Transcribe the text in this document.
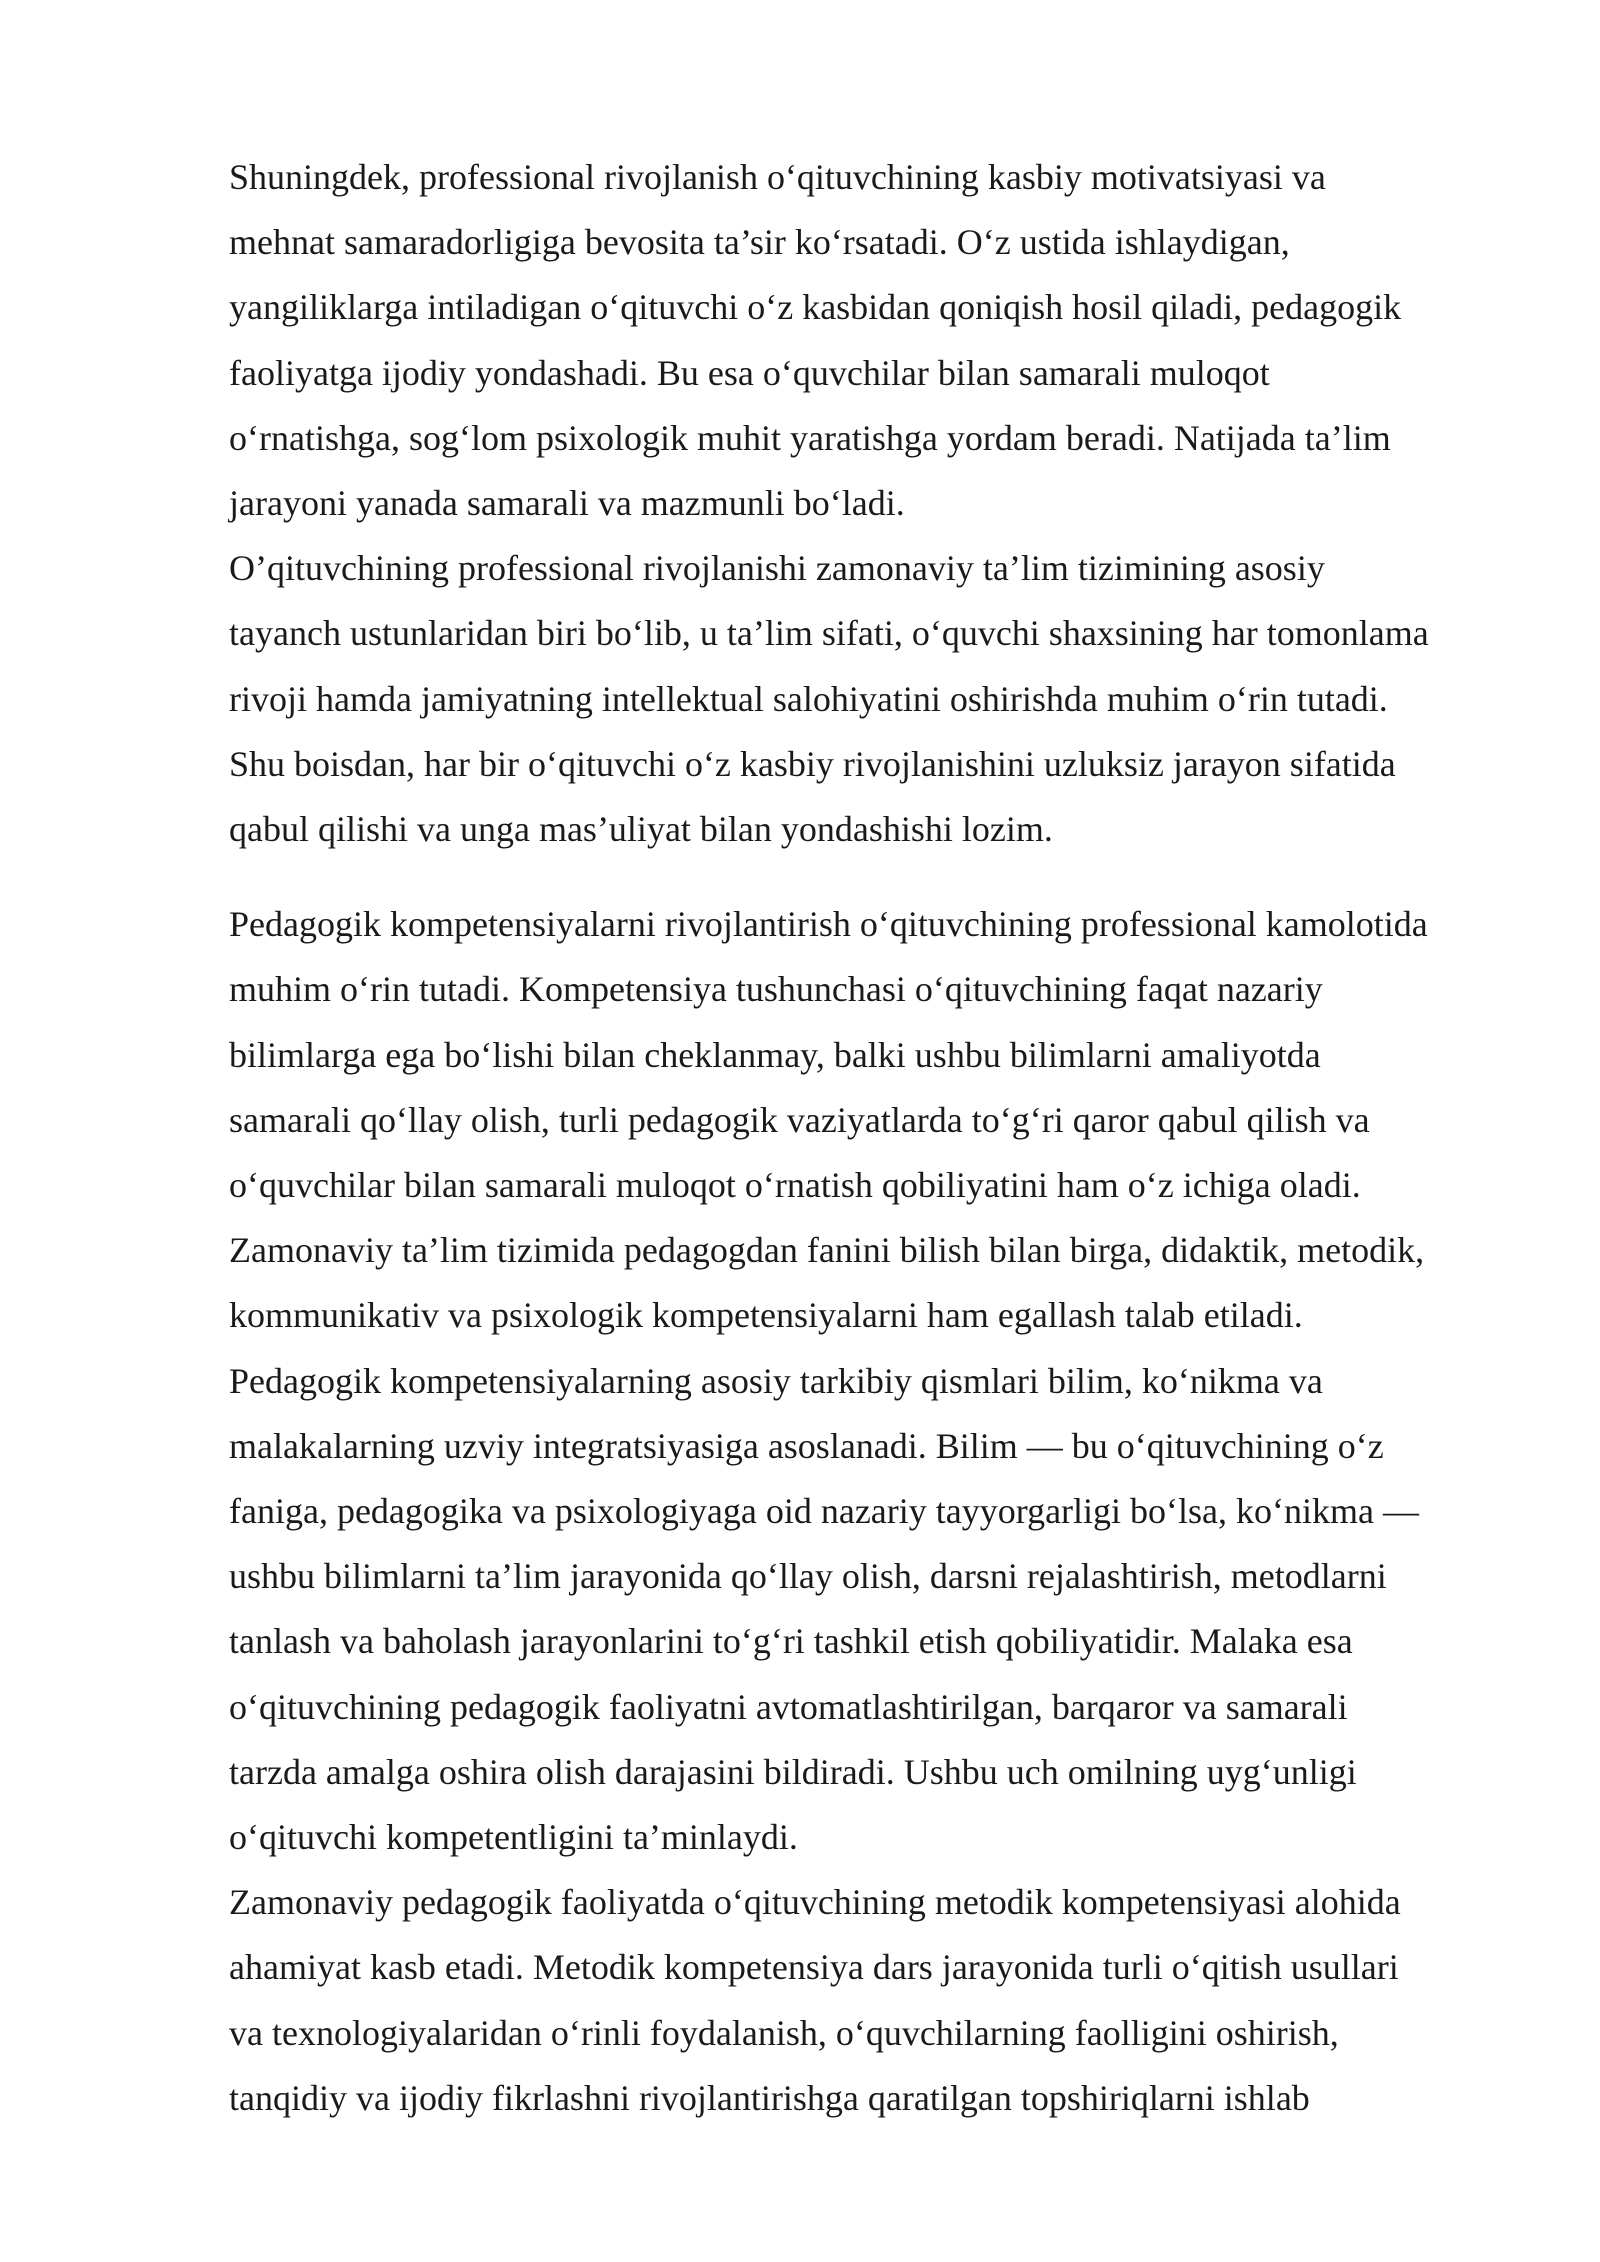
Shuningdek, professional rivojlanish o‘qituvchining kasbiy motivatsiyasi va
mehnat samaradorligiga bevosita ta’sir ko‘rsatadi. O‘z ustida ishlaydigan,
yangiliklarga intiladigan o‘qituvchi o‘z kasbidan qoniqish hosil qiladi, pedagogik
faoliyatga ijodiy yondashadi. Bu esa o‘quvchilar bilan samarali muloqot
o‘rnatishga, sog‘lom psixologik muhit yaratishga yordam beradi. Natijada ta’lim
jarayoni yanada samarali va mazmunli bo‘ladi.

O’qituvchining professional rivojlanishi zamonaviy ta’lim tizimining asosiy
tayanch ustunlaridan biri bo‘lib, u ta’lim sifati, o‘quvchi shaxsining har tomonlama
rivoji hamda jamiyatning intellektual salohiyatini oshirishda muhim o‘rin tutadi.
Shu boisdan, har bir o‘qituvchi o‘z kasbiy rivojlanishini uzluksiz jarayon sifatida
qabul qilishi va unga mas’uliyat bilan yondashishi lozim.

Pedagogik kompetensiyalarni rivojlantirish o‘qituvchining professional kamolotida
muhim o‘rin tutadi. Kompetensiya tushunchasi o‘qituvchining faqat nazariy
bilimlarga ega bo‘lishi bilan cheklanmay, balki ushbu bilimlarni amaliyotda
samarali qo‘llay olish, turli pedagogik vaziyatlarda to‘g‘ri qaror qabul qilish va
o‘quvchilar bilan samarali muloqot o‘rnatish qobiliyatini ham o‘z ichiga oladi.
Zamonaviy ta’lim tizimida pedagogdan fanini bilish bilan birga, didaktik, metodik,
kommunikativ va psixologik kompetensiyalarni ham egallash talab etiladi.

Pedagogik kompetensiyalarning asosiy tarkibiy qismlari bilim, ko‘nikma va
malakalarning uzviy integratsiyasiga asoslanadi. Bilim — bu o‘qituvchining o‘z
faniga, pedagogika va psixologiyaga oid nazariy tayyorgarligi bo‘lsa, ko‘nikma —
ushbu bilimlarni ta’lim jarayonida qo‘llay olish, darsni rejalashtirish, metodlarni
tanlash va baholash jarayonlarini to‘g‘ri tashkil etish qobiliyatidir. Malaka esa
o‘qituvchining pedagogik faoliyatni avtomatlashtirilgan, barqaror va samarali
tarzda amalga oshira olish darajasini bildiradi. Ushbu uch omilning uyg‘unligi
o‘qituvchi kompetentligini ta’minlaydi.

Zamonaviy pedagogik faoliyatda o‘qituvchining metodik kompetensiyasi alohida
ahamiyat kasb etadi. Metodik kompetensiya dars jarayonida turli o‘qitish usullari
va texnologiyalaridan o‘rinli foydalanish, o‘quvchilarning faolligini oshirish,
tanqidiy va ijodiy fikrlashni rivojlantirishga qaratilgan topshiriqlarni ishlab
